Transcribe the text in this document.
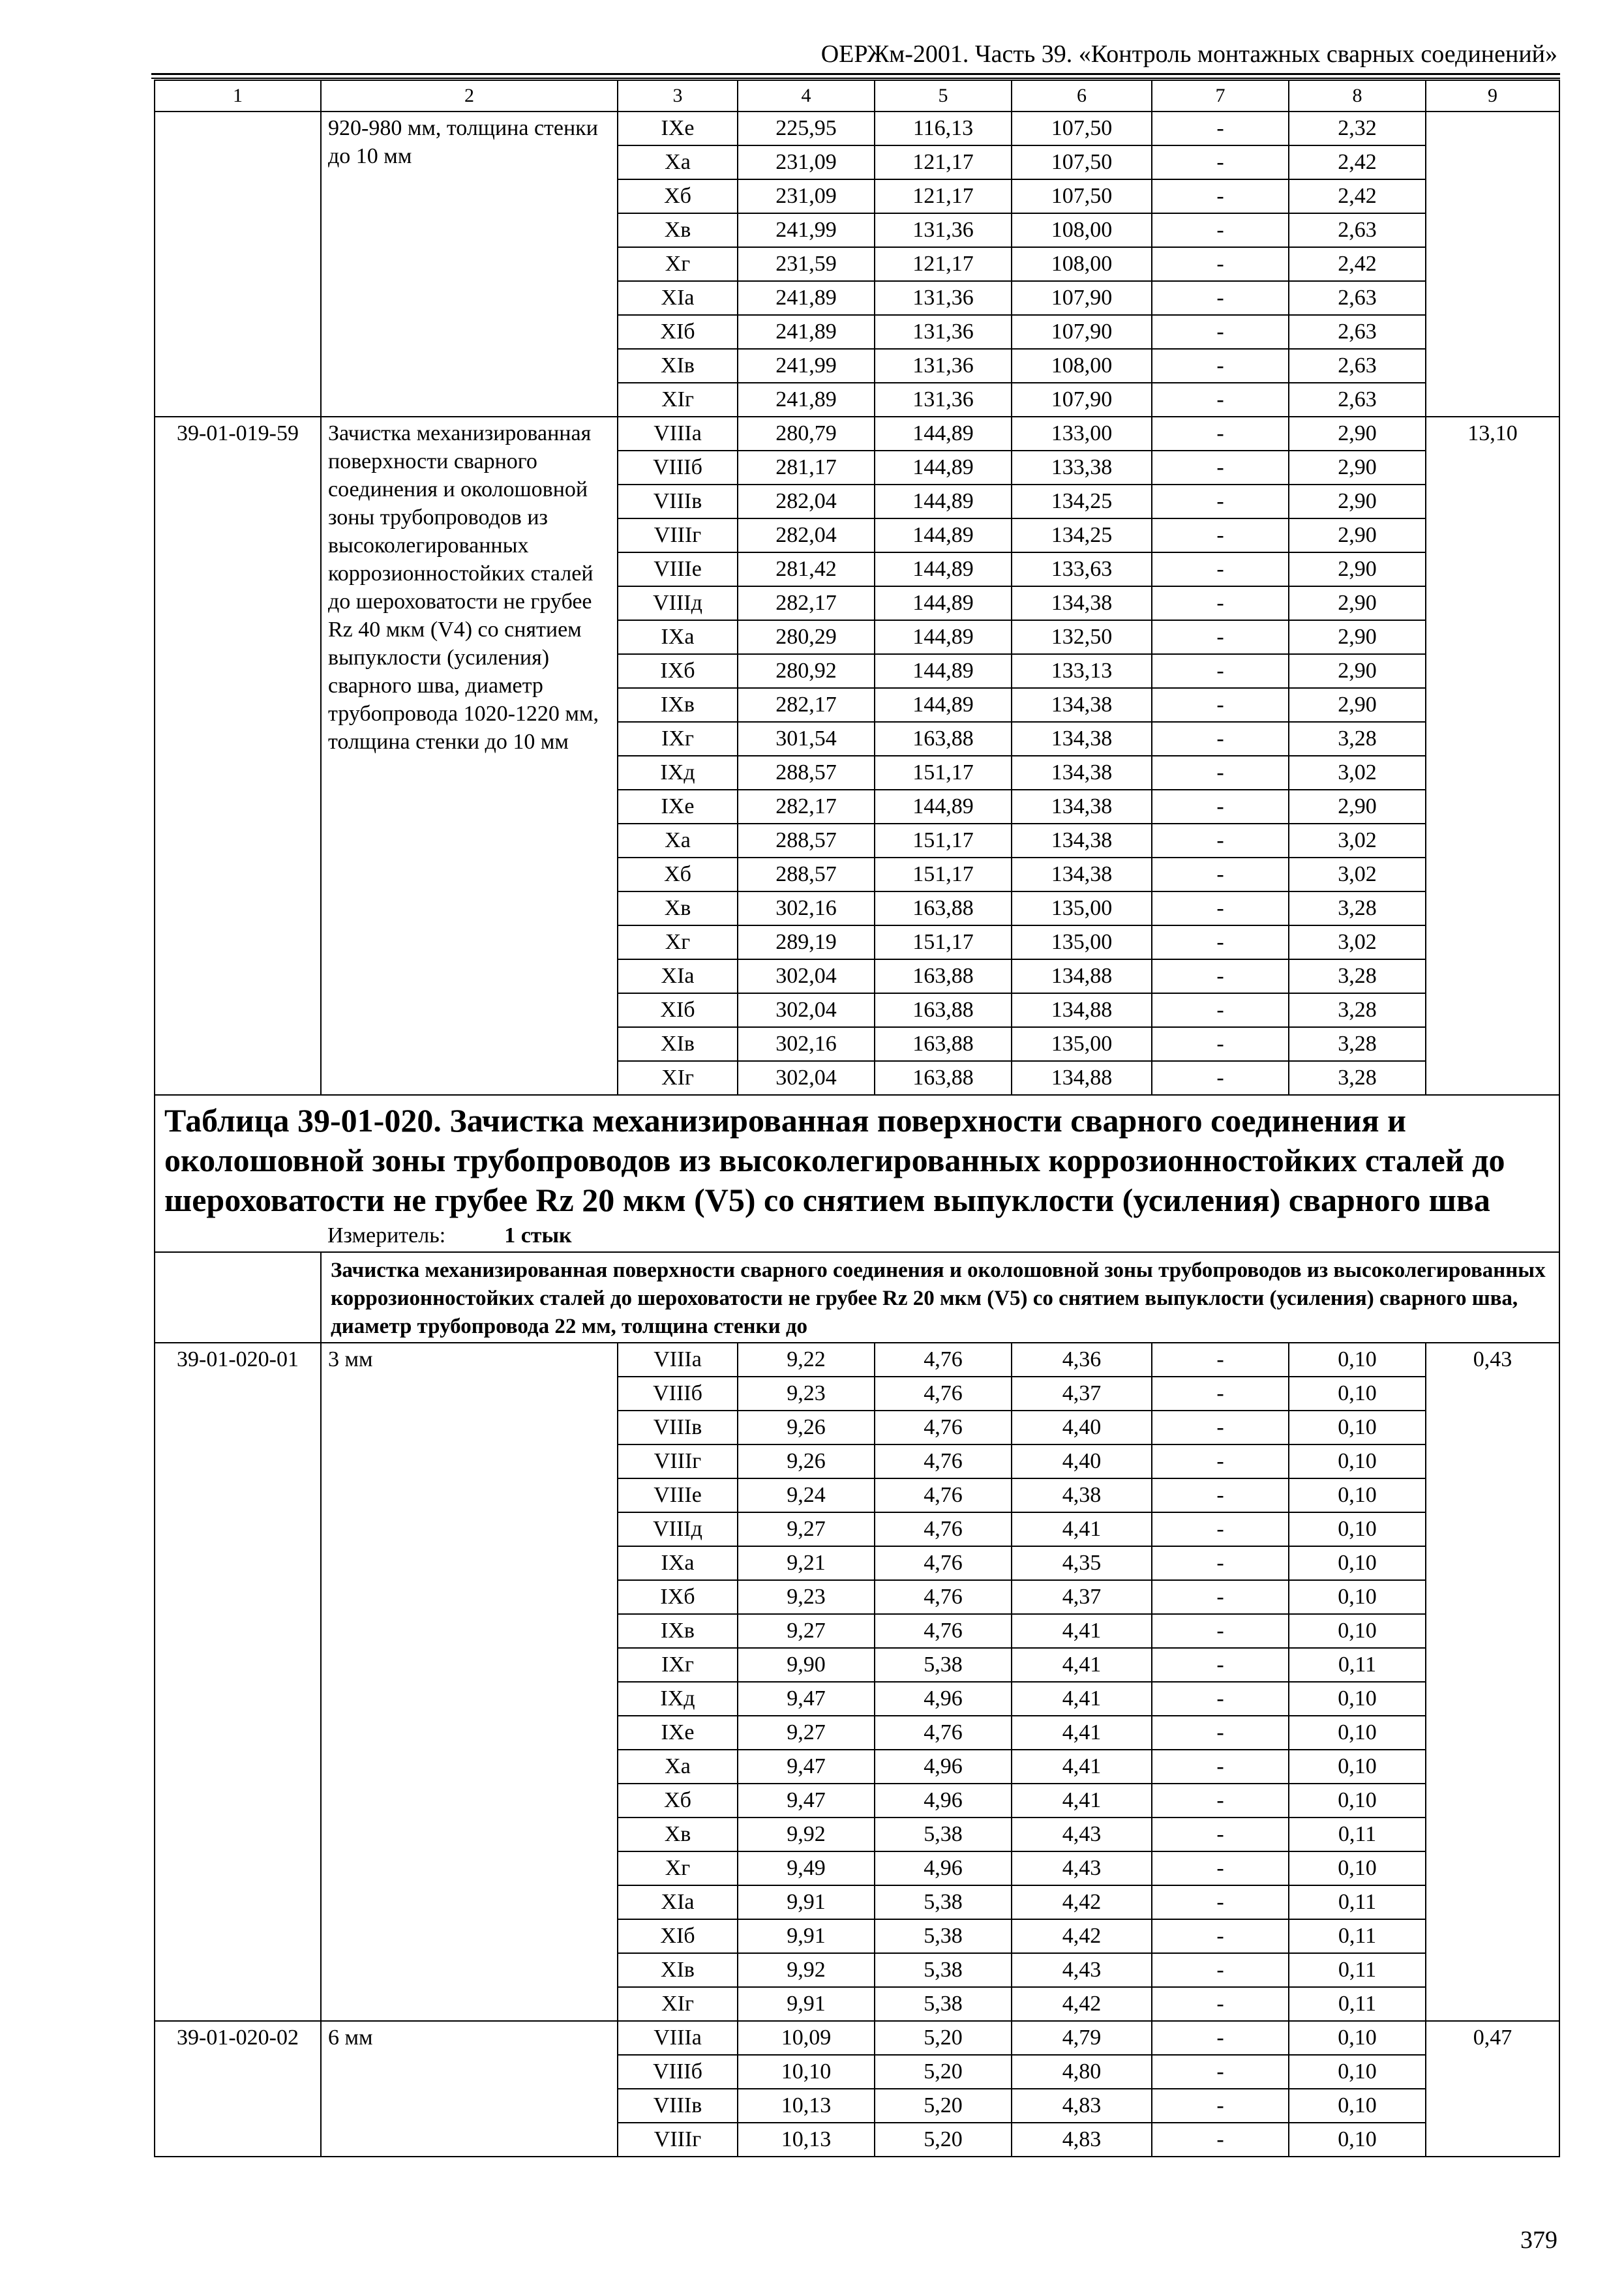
ОЕРЖм-2001. Часть 39. «Контроль монтажных сварных соединений»
1	2	3	4	5	6	7	8	9
	920-980 мм, толщина стенки до 10 мм	IXе	225,95	116,13	107,50	-	2,32	
		Xа	231,09	121,17	107,50	-	2,42	
		Xб	231,09	121,17	107,50	-	2,42	
		Xв	241,99	131,36	108,00	-	2,63	
		Xг	231,59	121,17	108,00	-	2,42	
		XIа	241,89	131,36	107,90	-	2,63	
		XIб	241,89	131,36	107,90	-	2,63	
		XIв	241,99	131,36	108,00	-	2,63	
		XIг	241,89	131,36	107,90	-	2,63	
39-01-019-59	Зачистка механизированная поверхности сварного соединения и околошовной зоны трубопроводов из высоколегированных коррозионностойких сталей до шероховатости не грубее Rz 40 мкм (V4) со снятием выпуклости (усиления) сварного шва, диаметр трубопровода 1020-1220 мм, толщина стенки до 10 мм	VIIIа	280,79	144,89	133,00	-	2,90	13,10
		VIIIб	281,17	144,89	133,38	-	2,90	
		VIIIв	282,04	144,89	134,25	-	2,90	
		VIIIг	282,04	144,89	134,25	-	2,90	
		VIIIе	281,42	144,89	133,63	-	2,90	
		VIIIд	282,17	144,89	134,38	-	2,90	
		IXа	280,29	144,89	132,50	-	2,90	
		IXб	280,92	144,89	133,13	-	2,90	
		IXв	282,17	144,89	134,38	-	2,90	
		IXг	301,54	163,88	134,38	-	3,28	
		IXд	288,57	151,17	134,38	-	3,02	
		IXе	282,17	144,89	134,38	-	2,90	
		Xа	288,57	151,17	134,38	-	3,02	
		Xб	288,57	151,17	134,38	-	3,02	
		Xв	302,16	163,88	135,00	-	3,28	
		Xг	289,19	151,17	135,00	-	3,02	
		XIа	302,04	163,88	134,88	-	3,28	
		XIб	302,04	163,88	134,88	-	3,28	
		XIв	302,16	163,88	135,00	-	3,28	
		XIг	302,04	163,88	134,88	-	3,28	

Таблица 39-01-020. Зачистка механизированная поверхности сварного соединения и околошовной зоны трубопроводов из высоколегированных коррозионностойких сталей до шероховатости не грубее Rz 20 мкм (V5) со снятием выпуклости (усиления) сварного шва
Измеритель: 1 стык								

	Зачистка механизированная поверхности сварного соединения и околошовной зоны трубопроводов из высоколегированных коррозионностойких сталей до шероховатости не грубее Rz 20 мкм (V5) со снятием выпуклости (усиления) сварного шва, диаметр трубопровода 22 мм, толщина стенки до							
39-01-020-01	3 мм	VIIIа	9,22	4,76	4,36	-	0,10	0,43
		VIIIб	9,23	4,76	4,37	-	0,10	
		VIIIв	9,26	4,76	4,40	-	0,10	
		VIIIг	9,26	4,76	4,40	-	0,10	
		VIIIе	9,24	4,76	4,38	-	0,10	
		VIIIд	9,27	4,76	4,41	-	0,10	
		IXа	9,21	4,76	4,35	-	0,10	
		IXб	9,23	4,76	4,37	-	0,10	
		IXв	9,27	4,76	4,41	-	0,10	
		IXг	9,90	5,38	4,41	-	0,11	
		IXд	9,47	4,96	4,41	-	0,10	
		IXе	9,27	4,76	4,41	-	0,10	
		Xа	9,47	4,96	4,41	-	0,10	
		Xб	9,47	4,96	4,41	-	0,10	
		Xв	9,92	5,38	4,43	-	0,11	
		Xг	9,49	4,96	4,43	-	0,10	
		XIа	9,91	5,38	4,42	-	0,11	
		XIб	9,91	5,38	4,42	-	0,11	
		XIв	9,92	5,38	4,43	-	0,11	
		XIг	9,91	5,38	4,42	-	0,11	
39-01-020-02	6 мм	VIIIа	10,09	5,20	4,79	-	0,10	0,47
		VIIIб	10,10	5,20	4,80	-	0,10	
		VIIIв	10,13	5,20	4,83	-	0,10	
		VIIIг	10,13	5,20	4,83	-	0,10	
379
